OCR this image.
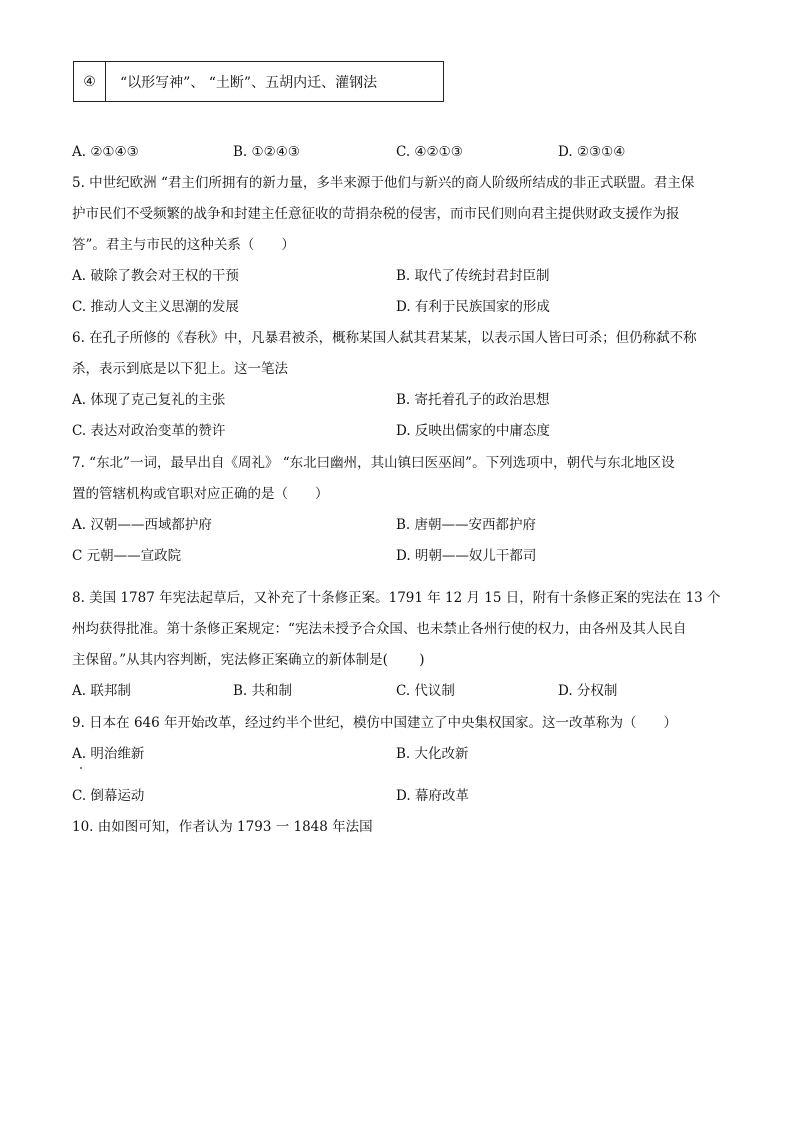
④	“以形写神”、 “土断”、五胡内迁、灌钢法
A. ②①④③	B. ①②④③	C. ④②①③	D. ②③①④
5. 中世纪欧洲 “君主们所拥有的新力量，多半来源于他们与新兴的商人阶级所结成的非正式联盟。君主保
护市民们不受频繁的战争和封建主任意征收的苛捐杂税的侵害，而市民们则向君主提供财政支援作为报
答”。君主与市民的这种关系（　　）
A. 破除了教会对王权的干预	B. 取代了传统封君封臣制
C. 推动人文主义思潮的发展	D. 有利于民族国家的形成
6. 在孔子所修的《春秋》中，凡暴君被杀，概称某国人弑其君某某，以表示国人皆曰可杀；但仍称弑不称
杀，表示到底是以下犯上。这一笔法
A. 体现了克己复礼的主张	B. 寄托着孔子的政治思想
C. 表达对政治变革的赞许	D. 反映出儒家的中庸态度
7. “东北”一词，最早出自《周礼》 “东北曰幽州，其山镇曰医巫闾”。下列选项中，朝代与东北地区设
置的管辖机构或官职对应正确的是（　　）
A. 汉朝——西域都护府	B. 唐朝——安西都护府
C 元朝——宣政院	D. 明朝——奴儿干都司
8. 美国 1787 年宪法起草后，又补充了十条修正案。1791 年 12 月 15 日，附有十条修正案的宪法在 13 个
州均获得批准。第十条修正案规定：“宪法未授予合众国、也未禁止各州行使的权力，由各州及其人民自
主保留。”从其内容判断，宪法修正案确立的新体制是(　　 )
A. 联邦制	B. 共和制	C. 代议制	D. 分权制
9. 日本在 646 年开始改革，经过约半个世纪，模仿中国建立了中央集权国家。这一改革称为（　　）
A. 明治维新	B. 大化改新
C. 倒幕运动	D. 幕府改革
10. 由如图可知，作者认为 1793 一 1848 年法国
